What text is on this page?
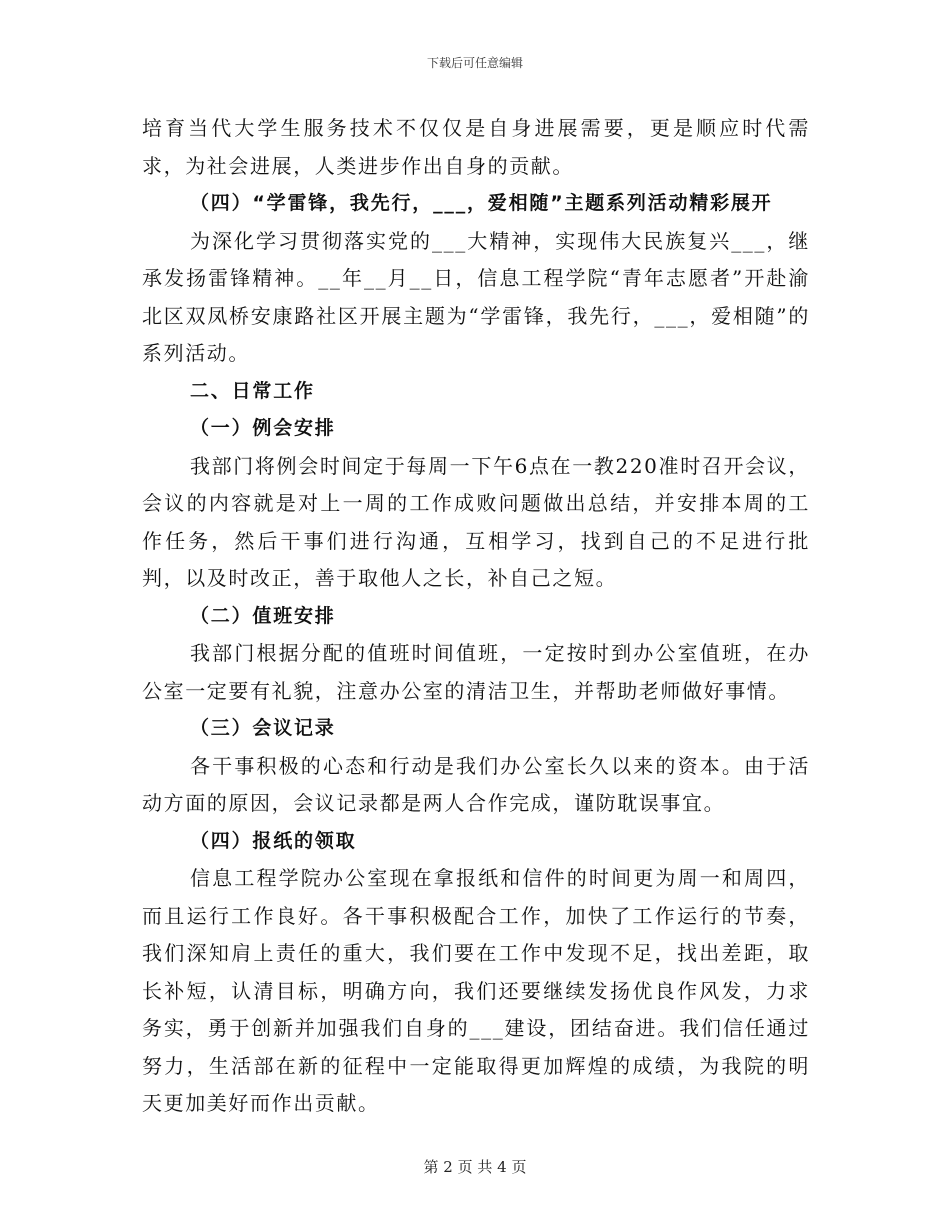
下载后可任意编辑

培育当代大学生服务技术不仅仅是自身进展需要，更是顺应时代需求，为社会进展，人类进步作出自身的贡献。

（四）“学雷锋，我先行，___，爱相随”主题系列活动精彩展开

为深化学习贯彻落实党的___大精神，实现伟大民族复兴___，继承发扬雷锋精神。__年__月__日，信息工程学院“青年志愿者”开赴渝北区双凤桥安康路社区开展主题为“学雷锋，我先行，___，爱相随”的系列活动。

二、日常工作

（一）例会安排

我部门将例会时间定于每周一下午6点在一教220准时召开会议，会议的内容就是对上一周的工作成败问题做出总结，并安排本周的工作任务，然后干事们进行沟通，互相学习，找到自己的不足进行批判，以及时改正，善于取他人之长，补自己之短。

（二）值班安排

我部门根据分配的值班时间值班，一定按时到办公室值班，在办公室一定要有礼貌，注意办公室的清洁卫生，并帮助老师做好事情。

（三）会议记录

各干事积极的心态和行动是我们办公室长久以来的资本。由于活动方面的原因，会议记录都是两人合作完成，谨防耽误事宜。

（四）报纸的领取

信息工程学院办公室现在拿报纸和信件的时间更为周一和周四，而且运行工作良好。各干事积极配合工作，加快了工作运行的节奏，我们深知肩上责任的重大，我们要在工作中发现不足，找出差距，取长补短，认清目标，明确方向，我们还要继续发扬优良作风发，力求务实，勇于创新并加强我们自身的___建设，团结奋进。我们信任通过努力，生活部在新的征程中一定能取得更加辉煌的成绩，为我院的明天更加美好而作出贡献。

第 2 页 共 4 页
